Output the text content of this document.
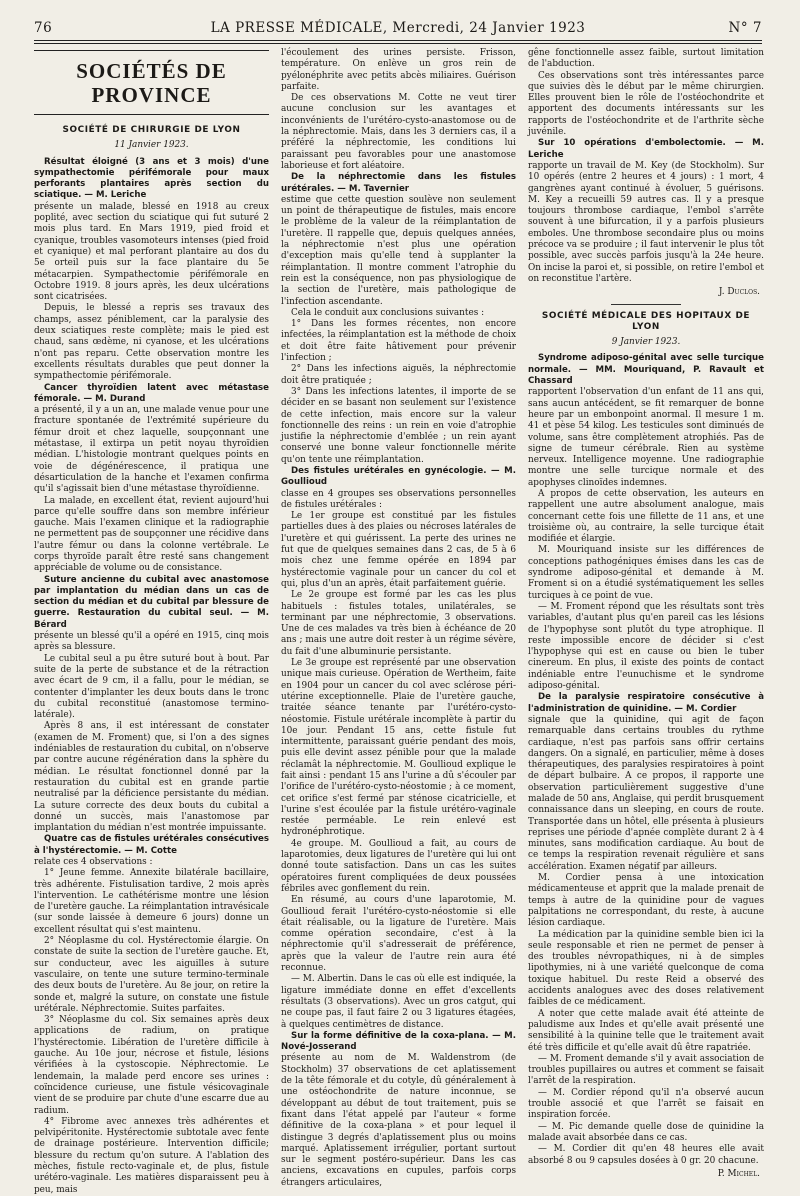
76	LA PRESSE MÉDICALE, Mercredi, 24 Janvier 1923	N° 7
SOCIÉTÉS DE PROVINCE
SOCIÉTÉ DE CHIRURGIE DE LYON
11 Janvier 1923.

Résultat éloigné (3 ans et 3 mois) d'une sympathectomie périfémorale pour maux perforants plantaires après section du sciatique. — M. Leriche

présente un malade, blessé en 1918 au creux poplité, avec section du sciatique qui fut suturé 2 mois plus tard. En Mars 1919, pied froid et cyanique, troubles vasomoteurs intenses (pied froid et cyanique) et mal perforant plantaire au dos du 5e orteil puis sur la face plantaire du 5e métacarpien. Sympathectomie périfémorale en Octobre 1919. 8 jours après, les deux ulcérations sont cicatrisées.

Depuis, le blessé a repris ses travaux des champs, assez péniblement, car la paralysie des deux sciatiques reste complète; mais le pied est chaud, sans œdème, ni cyanose, et les ulcérations n'ont pas reparu. Cette observation montre les excellents résultats durables que peut donner la sympathectomie périfémorale.

Cancer thyroïdien latent avec métastase fémorale. — M. Durand

a présenté, il y a un an, une malade venue pour une fracture spontanée de l'extrémité supérieure du fémur droit et chez laquelle, soupçonnant une métastase, il extirpa un petit noyau thyroïdien médian. L'histologie montrant quelques points en voie de dégénérescence, il pratiqua une désarticulation de la hanche et l'examen confirma qu'il s'agissait bien d'une métastase thyroïdienne.

La malade, en excellent état, revient aujourd'hui parce qu'elle souffre dans son membre inférieur gauche. Mais l'examen clinique et la radiographie ne permettent pas de soupçonner une récidive dans l'autre fémur ou dans la colonne vertébrale. Le corps thyroïde paraît être resté sans changement appréciable de volume ou de consistance.

Suture ancienne du cubital avec anastomose par implantation du médian dans un cas de section du médian et du cubital par blessure de guerre. Restauration du cubital seul. — M. Bérard

présente un blessé qu'il a opéré en 1915, cinq mois après sa blessure.

Le cubital seul a pu être suturé bout à bout. Par suite de la perte de substance et de la rétraction avec écart de 9 cm, il a fallu, pour le médian, se contenter d'implanter les deux bouts dans le tronc du cubital reconstitué (anastomose termino-latérale).

Après 8 ans, il est intéressant de constater (examen de M. Froment) que, si l'on a des signes indéniables de restauration du cubital, on n'observe par contre aucune régénération dans la sphère du médian. Le résultat fonctionnel donné par la restauration du cubital est en grande partie neutralisé par la déficience persistante du médian. La suture correcte des deux bouts du cubital a donné un succès, mais l'anastomose par implantation du médian n'est montrée impuissante.

Quatre cas de fistules urétérales consécutives à l'hystérectomie. — M. Cotte

relate ces 4 observations :

1° Jeune femme. Annexite bilatérale bacillaire, très adhérente. Fistulisation tardive, 2 mois après l'intervention. Le cathétérisme montre une lésion de l'uretère gauche. La réimplantation intravésicale (sur sonde laissée à demeure 6 jours) donne un excellent résultat qui s'est maintenu.

2° Néoplasme du col. Hystérectomie élargie. On constate de suite la section de l'uretère gauche. Et, sur conducteur, avec les aiguilles à suture vasculaire, on tente une suture termino-terminale des deux bouts de l'uretère. Au 8e jour, on retire la sonde et, malgré la suture, on constate une fistule urétérale. Néphrectomie. Suites parfaites.

3° Néoplasme du col. Six semaines après deux applications de radium, on pratique l'hystérectomie. Libération de l'uretère difficile à gauche. Au 10e jour, nécrose et fistule, lésions vérifiées à la cystoscopie. Néphrectomie. Le lendemain, la malade perd encore ses urines : coïncidence curieuse, une fistule vésicovaginale vient de se produire par chute d'une escarre due au radium.

4° Fibrome avec annexes très adhérentes et pelvipéritonite. Hystérectomie subtotale avec fente de drainage postérieure. Intervention difficile; blessure du rectum qu'on suture. A l'ablation des mèches, fistule recto-vaginale et, de plus, fistule urétéro-vaginale. Les matières disparaissent peu à peu, mais

l'écoulement des urines persiste. Frisson, température. On enlève un gros rein de pyélonéphrite avec petits abcès miliaires. Guérison parfaite.

De ces observations M. Cotte ne veut tirer aucune conclusion sur les avantages et inconvénients de l'urétéro-cysto-anastomose ou de la néphrectomie. Mais, dans les 3 derniers cas, il a préféré la néphrectomie, les conditions lui paraissant peu favorables pour une anastomose laborieuse et fort aléatoire.

De la néphrectomie dans les fistules urétérales. — M. Tavernier

estime que cette question soulève non seulement un point de thérapeutique de fistules, mais encore le problème de la valeur de la réimplantation de l'uretère. Il rappelle que, depuis quelques années, la néphrectomie n'est plus une opération d'exception mais qu'elle tend à supplanter la réimplantation. Il montre comment l'atrophie du rein est la conséquence, non pas physiologique de la section de l'uretère, mais pathologique de l'infection ascendante.

Cela le conduit aux conclusions suivantes :

1° Dans les formes récentes, non encore infectées, la réimplantation est la méthode de choix et doit être faite hâtivement pour prévenir l'infection ;

2° Dans les infections aiguës, la néphrectomie doit être pratiquée ;

3° Dans les infections latentes, il importe de se décider en se basant non seulement sur l'existence de cette infection, mais encore sur la valeur fonctionnelle des reins : un rein en voie d'atrophie justifie la néphrectomie d'emblée ; un rein ayant conservé une bonne valeur fonctionnelle mérite qu'on tente une réimplantation.

Des fistules urétérales en gynécologie. — M. Goullioud

classe en 4 groupes ses observations personnelles de fistules urétérales :

Le 1er groupe est constitué par les fistules partielles dues à des plaies ou nécroses latérales de l'uretère et qui guérissent. La perte des urines ne fut que de quelques semaines dans 2 cas, de 5 à 6 mois chez une femme opérée en 1894 par hystérectomie vaginale pour un cancer du col et qui, plus d'un an après, était parfaitement guérie.

Le 2e groupe est formé par les cas les plus habituels : fistules totales, unilatérales, se terminant par une néphrectomie, 3 observations. Une de ces malades va très bien à échéance de 20 ans ; mais une autre doit rester à un régime sévère, du fait d'une albuminurie persistante.

Le 3e groupe est représenté par une observation unique mais curieuse. Opération de Wertheim, faite en 1904 pour un cancer du col avec sclérose péri-utérine exceptionnelle. Plaie de l'uretère gauche, traitée séance tenante par l'urétéro-cysto-néostomie. Fistule urétérale incomplète à partir du 10e jour. Pendant 15 ans, cette fistule fut intermittente, paraissant guérie pendant des mois, puis elle devint assez pénible pour que la malade réclamât la néphrectomie. M. Goullioud explique le fait ainsi : pendant 15 ans l'urine a dû s'écouler par l'orifice de l'urétéro-cysto-néostomie ; à ce moment, cet orifice s'est fermé par sténose cicatricielle, et l'urine s'est écoulée par la fistule urétéro-vaginale restée perméable. Le rein enlevé est hydronéphrotique.

4e groupe. M. Goullioud a fait, au cours de laparotomies, deux ligatures de l'uretère qui lui ont donné toute satisfaction. Dans un cas les suites opératoires furent compliquées de deux poussées fébriles avec gonflement du rein.

En résumé, au cours d'une laparotomie, M. Goullioud ferait l'urétéro-cysto-néostomie si elle était réalisable, ou la ligature de l'uretère. Mais comme opération secondaire, c'est à la néphrectomie qu'il s'adresserait de préférence, après que la valeur de l'autre rein aura été reconnue.

— M. Albertin. Dans le cas où elle est indiquée, la ligature immédiate donne en effet d'excellents résultats (3 observations). Avec un gros catgut, qui ne coupe pas, il faut faire 2 ou 3 ligatures étagées, à quelques centimètres de distance.

Sur la forme définitive de la coxa-plana. — M. Nové-Josserand

présente au nom de M. Waldenstrom (de Stockholm) 37 observations de cet aplatissement de la tête fémorale et du cotyle, dû généralement à une ostéochondrite de nature inconnue, se développant au début de tout traitement, puis se fixant dans l'état appelé par l'auteur « forme définitive de la coxa-plana » et pour lequel il distingue 3 degrés d'aplatissement plus ou moins marqué. Aplatissement irrégulier, portant surtout sur le segment postéro-supérieur. Dans les cas anciens, excavations en cupules, parfois corps étrangers articulaires,

gêne fonctionnelle assez faible, surtout limitation de l'abduction.

Ces observations sont très intéressantes parce que suivies dès le début par le même chirurgien. Elles prouvent bien le rôle de l'ostéochondrite et apportent des documents intéressants sur les rapports de l'ostéochondrite et de l'arthrite sèche juvénile.

Sur 10 opérations d'embolectomie. — M. Leriche

rapporte un travail de M. Key (de Stockholm). Sur 10 opérés (entre 2 heures et 4 jours) : 1 mort, 4 gangrènes ayant continué à évoluer, 5 guérisons. M. Key a recueilli 59 autres cas. Il y a presque toujours thrombose cardiaque, l'embol s'arrête souvent à une bifurcation, il y a parfois plusieurs emboles. Une thrombose secondaire plus ou moins précoce va se produire ; il faut intervenir le plus tôt possible, avec succès parfois jusqu'à la 24e heure. On incise la paroi et, si possible, on retire l'embol et on reconstitue l'artère.

J. Duclos.
SOCIÉTÉ MÉDICALE DES HOPITAUX DE LYON
9 Janvier 1923.

Syndrome adiposo-génital avec selle turcique normale. — MM. Mouriquand, P. Ravault et Chassard

rapportent l'observation d'un enfant de 11 ans qui, sans aucun antécédent, se fit remarquer de bonne heure par un embonpoint anormal. Il mesure 1 m. 41 et pèse 54 kilog. Les testicules sont diminués de volume, sans être complètement atrophiés. Pas de signe de tumeur cérébrale. Rien au système nerveux. Intelligence moyenne. Une radiographie montre une selle turcique normale et des apophyses clinoïdes indemnes.

A propos de cette observation, les auteurs en rappellent une autre absolument analogue, mais concernant cette fois une fillette de 11 ans, et une troisième où, au contraire, la selle turcique était modifiée et élargie.

M. Mouriquand insiste sur les différences de conceptions pathogéniques émises dans les cas de syndrome adiposo-génital et demande à M. Froment si on a étudié systématiquement les selles turciques à ce point de vue.

— M. Froment répond que les résultats sont très variables, d'autant plus qu'en pareil cas les lésions de l'hypophyse sont plutôt du type atrophique. Il reste impossible encore de décider si c'est l'hypophyse qui est en cause ou bien le tuber cinereum. En plus, il existe des points de contact indéniable entre l'eunuchisme et le syndrome adiposo-génital.

De la paralysie respiratoire consécutive à l'administration de quinidine. — M. Cordier

signale que la quinidine, qui agit de façon remarquable dans certains troubles du rythme cardiaque, n'est pas parfois sans offrir certains dangers. On a signalé, en particulier, même à doses thérapeutiques, des paralysies respiratoires à point de départ bulbaire. A ce propos, il rapporte une observation particulièrement suggestive d'une malade de 50 ans, Anglaise, qui perdit brusquement connaissance dans un sleeping, en cours de route. Transportée dans un hôtel, elle présenta à plusieurs reprises une période d'apnée complète durant 2 à 4 minutes, sans modification cardiaque. Au bout de ce temps la respiration revenait régulière et sans accélération. Examen négatif par ailleurs.

M. Cordier pensa à une intoxication médicamenteuse et apprit que la malade prenait de temps à autre de la quinidine pour de vagues palpitations ne correspondant, du reste, à aucune lésion cardiaque.

La médication par la quinidine semble bien ici la seule responsable et rien ne permet de penser à des troubles névropathiques, ni à de simples lipothymies, ni à une variété quelconque de coma toxique habituel. Du reste Reid a observé des accidents analogues avec des doses relativement faibles de ce médicament.

A noter que cette malade avait été atteinte de paludisme aux Indes et qu'elle avait présenté une sensibilité à la quinine telle que le traitement avait été très difficile et qu'elle avait dû être rapatriée.

— M. Froment demande s'il y avait association de troubles pupillaires ou autres et comment se faisait l'arrêt de la respiration.

— M. Cordier répond qu'il n'a observé aucun trouble associé et que l'arrêt se faisait en inspiration forcée.

— M. Pic demande quelle dose de quinidine la malade avait absorbée dans ce cas.

— M. Cordier dit qu'en 48 heures elle avait absorbé 8 ou 9 capsules dosées à 0 gr. 20 chacune.

P. Michel.
